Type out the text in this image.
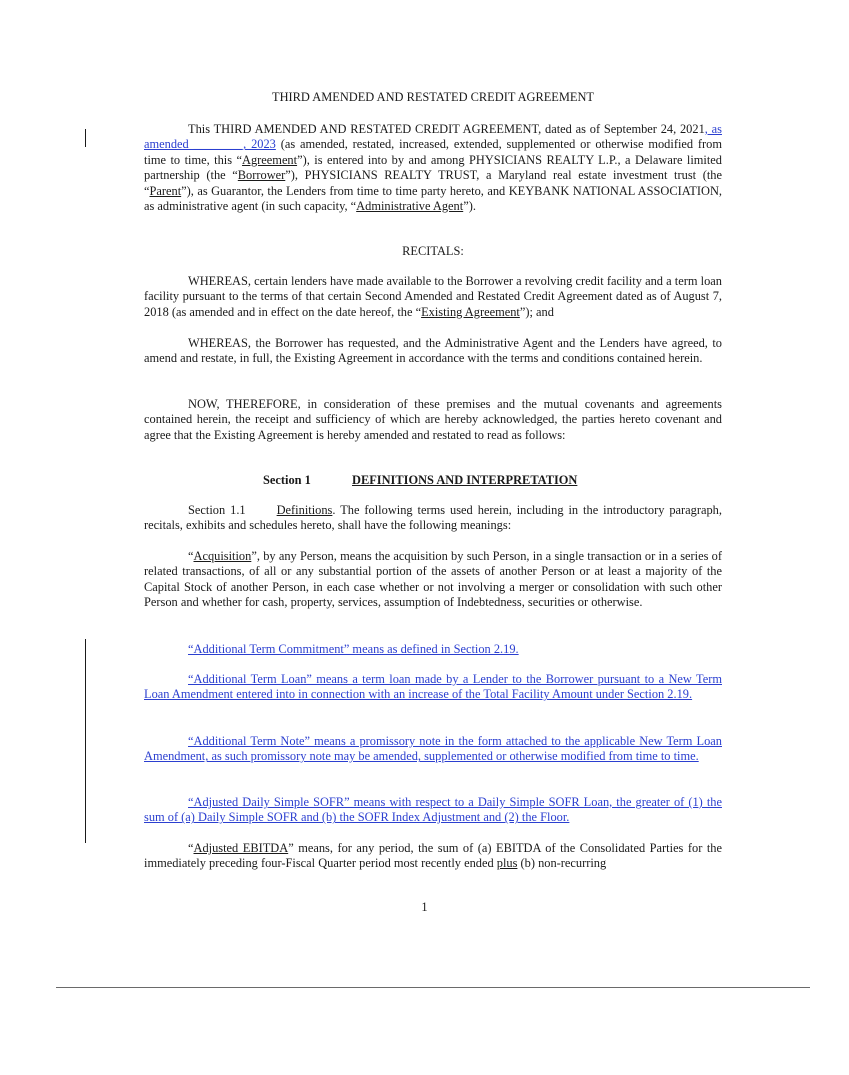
THIRD AMENDED AND RESTATED CREDIT AGREEMENT

This THIRD AMENDED AND RESTATED CREDIT AGREEMENT, dated as of September 24, 2021, as amended ________, 2023 (as amended, restated, increased, extended, supplemented or otherwise modified from time to time, this “Agreement”), is entered into by and among PHYSICIANS REALTY L.P., a Delaware limited partnership (the “Borrower”), PHYSICIANS REALTY TRUST, a Maryland real estate investment trust (the “Parent”), as Guarantor, the Lenders from time to time party hereto, and KEYBANK NATIONAL ASSOCIATION, as administrative agent (in such capacity, “Administrative Agent”).

RECITALS:

WHEREAS, certain lenders have made available to the Borrower a revolving credit facility and a term loan facility pursuant to the terms of that certain Second Amended and Restated Credit Agreement dated as of August 7, 2018 (as amended and in effect on the date hereof, the “Existing Agreement”); and

WHEREAS, the Borrower has requested, and the Administrative Agent and the Lenders have agreed, to amend and restate, in full, the Existing Agreement in accordance with the terms and conditions contained herein.

NOW, THEREFORE, in consideration of these premises and the mutual covenants and agreements contained herein, the receipt and sufficiency of which are hereby acknowledged, the parties hereto covenant and agree that the Existing Agreement is hereby amended and restated to read as follows:

Section 1	DEFINITIONS AND INTERPRETATION

Section 1.1	Definitions. The following terms used herein, including in the introductory paragraph, recitals, exhibits and schedules hereto, shall have the following meanings:

“Acquisition”, by any Person, means the acquisition by such Person, in a single transaction or in a series of related transactions, of all or any substantial portion of the assets of another Person or at least a majority of the Capital Stock of another Person, in each case whether or not involving a merger or consolidation with such other Person and whether for cash, property, services, assumption of Indebtedness, securities or otherwise.

“Additional Term Commitment” means as defined in Section 2.19.

“Additional Term Loan” means a term loan made by a Lender to the Borrower pursuant to a New Term Loan Amendment entered into in connection with an increase of the Total Facility Amount under Section 2.19.

“Additional Term Note” means a promissory note in the form attached to the applicable New Term Loan Amendment, as such promissory note may be amended, supplemented or otherwise modified from time to time.

“Adjusted Daily Simple SOFR” means with respect to a Daily Simple SOFR Loan, the greater of (1) the sum of (a) Daily Simple SOFR and (b) the SOFR Index Adjustment and (2) the Floor.

“Adjusted EBITDA” means, for any period, the sum of (a) EBITDA of the Consolidated Parties for the immediately preceding four-Fiscal Quarter period most recently ended plus (b) non-recurring

1
